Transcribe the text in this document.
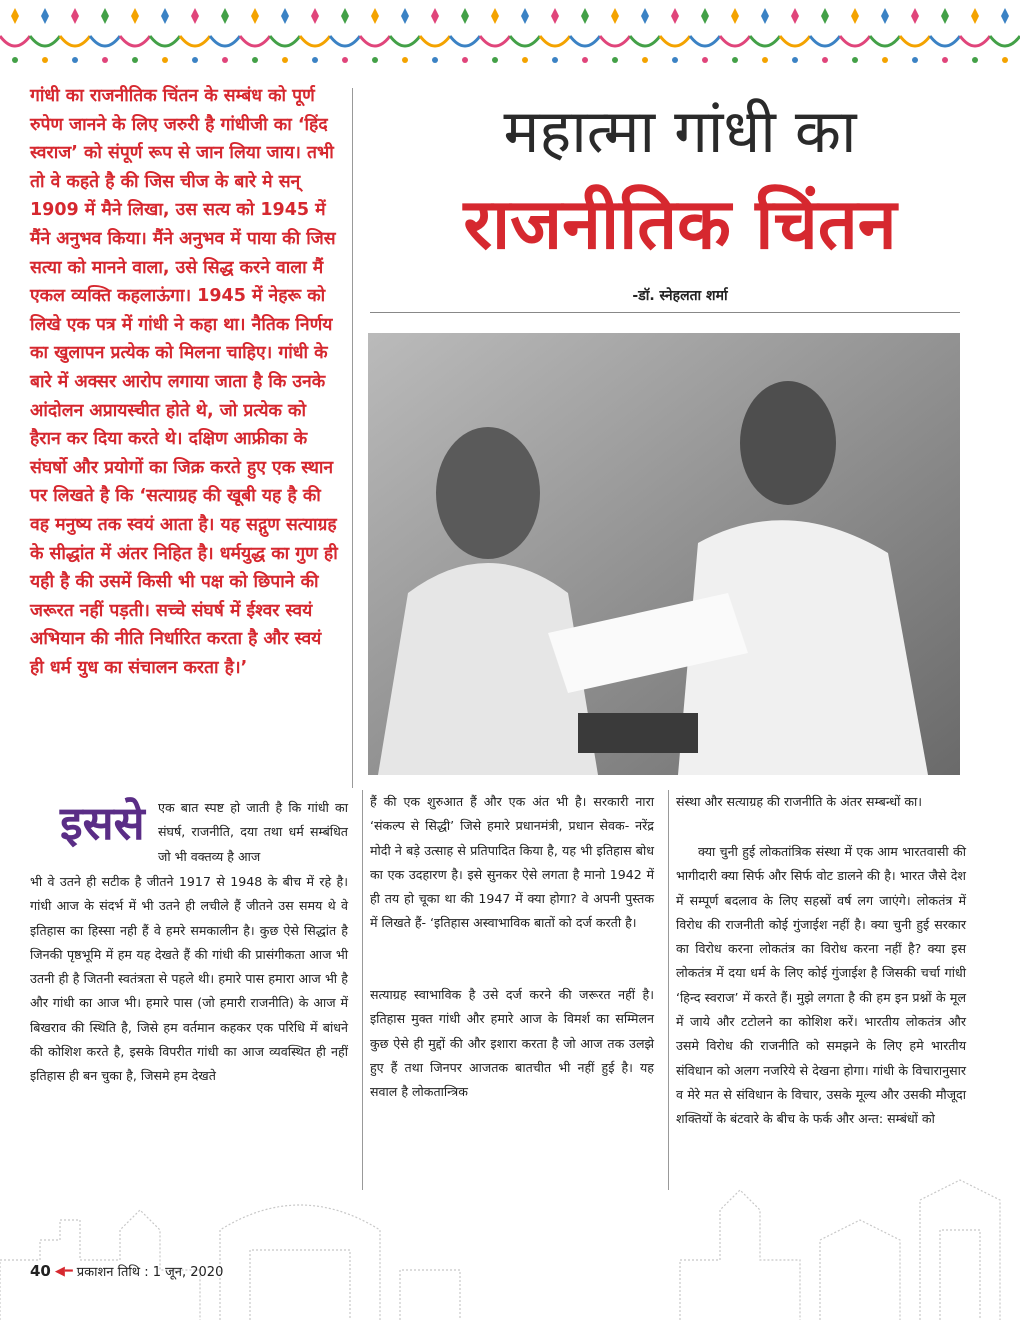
गांधी का राजनीतिक चिंतन के सम्बंध को पूर्ण रुपेण जानने के लिए जरुरी है गांधीजी का ‘हिंद स्वराज’ को संपूर्ण रूप से जान लिया जाय। तभी तो वे कहते है की जिस चीज के बारे मे सन् 1909 में मैने लिखा, उस सत्य को 1945 में मैंने अनुभव किया। मैंने अनुभव में पाया की जिस सत्या को मानने वाला, उसे सिद्ध करने वाला मैं एकल व्यक्ति कहलाऊंगा। 1945 में नेहरू को लिखे एक पत्र में गांधी ने कहा था। नैतिक निर्णय का खुलापन प्रत्येक को मिलना चाहिए। गांधी के बारे में अक्सर आरोप लगाया जाता है कि उनके आंदोलन अप्रायस्चीत होते थे, जो प्रत्येक को हैरान कर दिया करते थे। दक्षिण आफ्रीका के संघर्षो और प्रयोगों का जिक्र करते हुए एक स्थान पर लिखते है कि ‘सत्याग्रह की खूबी यह है की वह मनुष्य तक स्वयं आता है। यह सद्गुण सत्याग्रह के सीद्धांत में अंतर निहित है। धर्मयुद्ध का गुण ही यही है की उसमें किसी भी पक्ष को छिपाने की जरूरत नहीं पड़ती। सच्चे संघर्ष में ईश्वर स्वयं अभियान की नीति निर्धारित करता है और स्वयं ही धर्म युध का संचालन करता है।’

महात्मा गांधी का
राजनीतिक चिंतन
-डॉ. स्नेहलता शर्मा
इससे एक बात स्पष्ट हो जाती है कि गांधी का संघर्ष, राजनीति, दया तथा धर्म सम्बंधित जो भी वक्तव्य है आज

भी वे उतने ही सटीक है जीतने 1917 से 1948 के बीच में रहे है। गांधी आज के संदर्भ में भी उतने ही लचीले हैं जीतने उस समय थे वे इतिहास का हिस्सा नही हैं वे हमरे समकालीन है। कुछ ऐसे सिद्धांत है जिनकी पृष्ठभूमि में हम यह देखते हैं की गांधी की प्रासंगीकता आज भी उतनी ही है जितनी स्वतंत्रता से पहले थी। हमारे पास हमारा आज भी है और गांधी का आज भी। हमारे पास (जो हमारी राजनीति) के आज में बिखराव की स्थिति है, जिसे हम वर्तमान कहकर एक परिधि में बांधने की कोशिश करते है, इसके विपरीत गांधी का आज व्यवस्थित ही नहीं इतिहास ही बन चुका है, जिसमे हम देखते

हैं की एक शुरुआत हैं और एक अंत भी है। सरकारी नारा ‘संकल्प से सिद्धी’ जिसे हमारे प्रधानमंत्री, प्रधान सेवक- नरेंद्र मोदी ने बड़े उत्साह से प्रतिपादित किया है, यह भी इतिहास बोध का एक उदहारण है। इसे सुनकर ऐसे लगता है मानो 1942 में ही तय हो चूका था की 1947 में क्या होगा? वे अपनी पुस्तक में लिखते हैं- ‘इतिहास अस्वाभाविक बातों को दर्ज करती है।

सत्याग्रह स्वाभाविक है उसे दर्ज करने की जरूरत नहीं है। इतिहास मुक्त गांधी और हमारे आज के विमर्श का सम्मिलन कुछ ऐसे ही मुद्दों की और इशारा करता है जो आज तक उलझे हुए हैं तथा जिनपर आजतक बातचीत भी नहीं हुई है। यह सवाल है लोकतान्त्रिक

संस्था और सत्याग्रह की राजनीति के अंतर सम्बन्धों का।

क्या चुनी हुई लोकतांत्रिक संस्था में एक आम भारतवासी की भागीदारी क्या सिर्फ और सिर्फ वोट डालने की है। भारत जैसे देश में सम्पूर्ण बदलाव के लिए सहस्रों वर्ष लग जाएंगे। लोकतंत्र में विरोध की राजनीती कोई गुंजाईश नहीं है। क्या चुनी हुई सरकार का विरोध करना लोकतंत्र का विरोध करना नहीं है? क्या इस लोकतंत्र में दया धर्म के लिए कोई गुंजाईश है जिसकी चर्चा गांधी ‘हिन्द स्वराज’ में करते हैं। मुझे लगता है की हम इन प्रश्नों के मूल में जाये और टटोलने का कोशिश करें। भारतीय लोकतंत्र और उसमे विरोध की राजनीति को समझने के लिए हमे भारतीय संविधान को अलग नजरिये से देखना होगा। गांधी के विचारानुसार व मेरे मत से संविधान के विचार, उसके मूल्य और उसकी मौजूदा शक्तियों के बंटवारे के बीच के फर्क और अन्त: सम्बंधों को

40 ◀━ प्रकाशन तिथि : 1 जून, 2020
